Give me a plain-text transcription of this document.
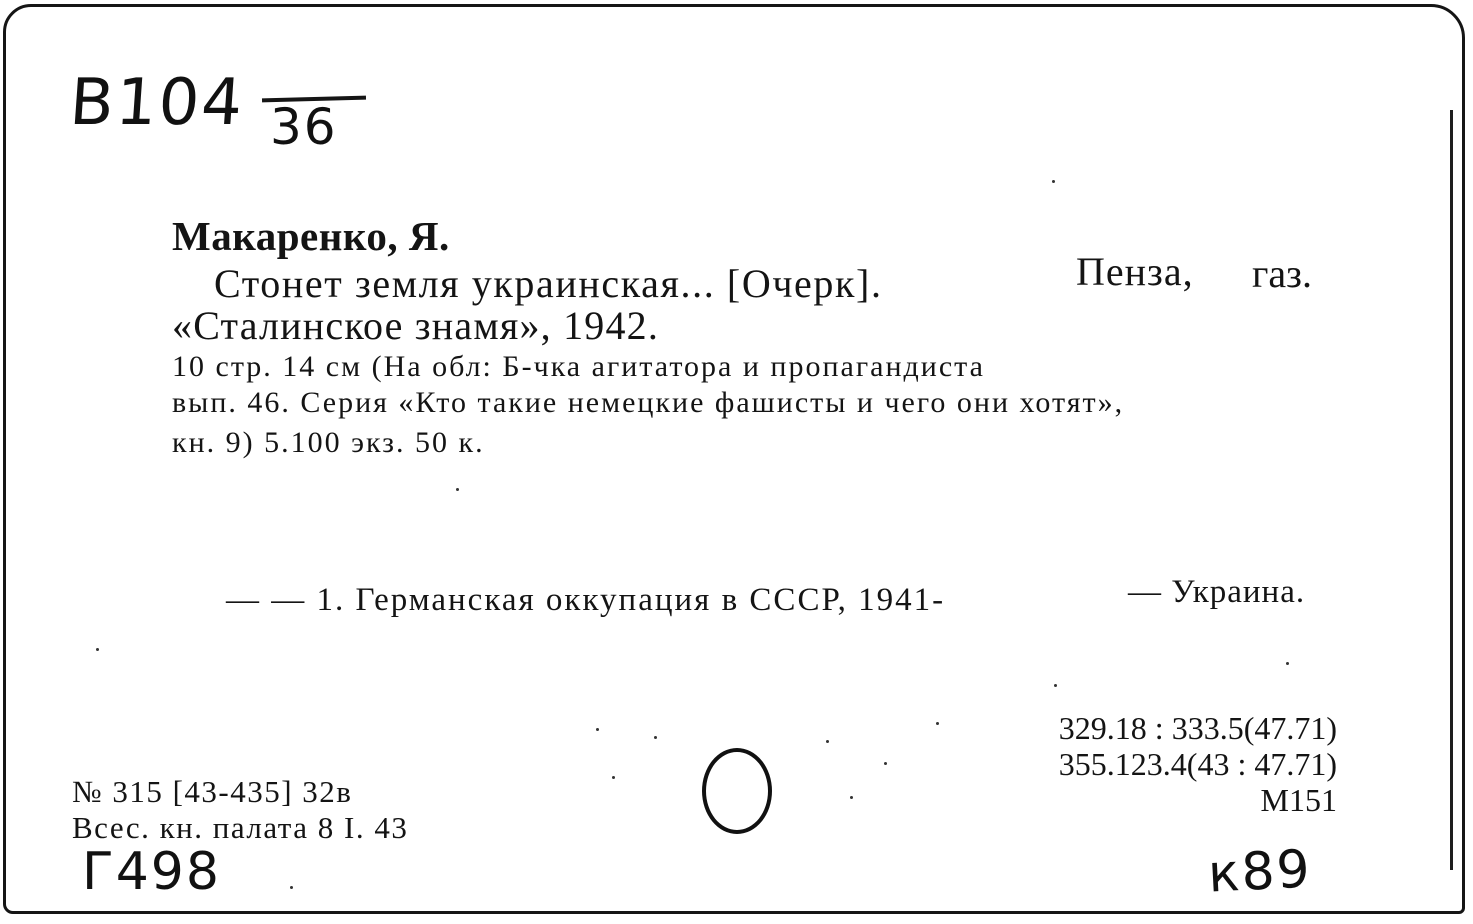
B104 36
Макаренко, Я.
Стонет земля украинская... [Очерк].	Пенза, газ.
«Сталинское знамя», 1942.
10 стр. 14 см (На обл: Б-чка агитатора и пропагандиста
вып. 46. Серия «Кто такие немецкие фашисты и чего они хотят»,
кн. 9) 5.100 экз. 50 к.
— — 1. Германская оккупация в СССР, 1941-	— Украина.
329.18 : 333.5(47.71)
355.123.4(43 : 47.71)
М151
№ 315 [43-435] 32в
Всес. кн. палата 8 I. 43
Г498	к89
